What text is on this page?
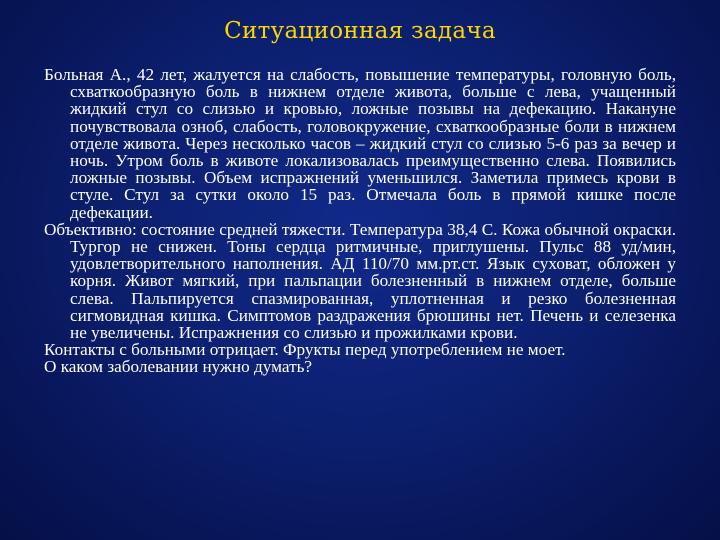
Ситуационная задача

Больная А., 42 лет, жалуется на слабость, повышение температуры, головную боль, схваткообразную боль в нижнем отделе живота, больше с лева, учащенный жидкий стул со слизью и кровью, ложные позывы на дефекацию. Накануне почувствовала озноб, слабость, головокружение, схваткообразные боли в нижнем отделе живота. Через несколько часов – жидкий стул со слизью 5-6 раз за вечер и ночь. Утром боль в животе локализовалась преимущественно слева. Появились ложные позывы. Объем испражнений уменьшился. Заметила примесь крови в стуле. Стул за сутки около 15 раз. Отмечала боль в прямой кишке после дефекации.

Объективно: состояние средней тяжести. Температура 38,4 С. Кожа обычной окраски. Тургор не снижен. Тоны сердца ритмичные, приглушены. Пульс 88 уд/мин, удовлетворительного наполнения. АД 110/70 мм.рт.ст. Язык суховат, обложен у корня. Живот мягкий, при пальпации болезненный в нижнем отделе, больше слева. Пальпируется спазмированная, уплотненная и резко болезненная сигмовидная кишка. Симптомов раздражения брюшины нет. Печень и селезенка не увеличены. Испражнения со слизью и прожилками крови.

Контакты с больными отрицает. Фрукты перед употреблением не моет.

О каком заболевании нужно думать?
